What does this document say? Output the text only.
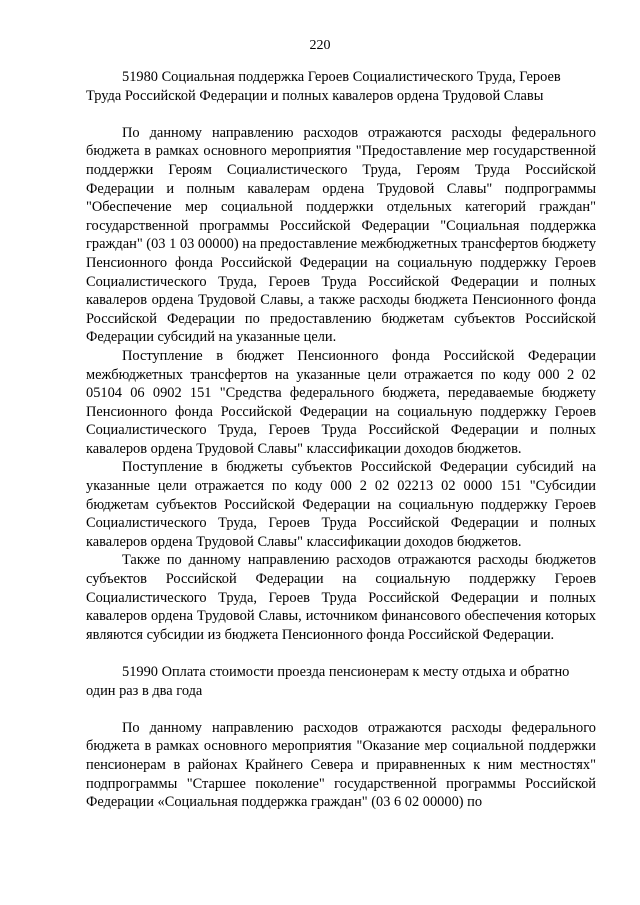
220

51980 Социальная поддержка Героев Социалистического Труда, Героев Труда Российской Федерации и полных кавалеров ордена Трудовой Славы

По данному направлению расходов отражаются расходы федерального бюджета в рамках основного мероприятия "Предоставление мер государственной поддержки Героям Социалистического Труда, Героям Труда Российской Федерации и полным кавалерам ордена Трудовой Славы" подпрограммы "Обеспечение мер социальной поддержки отдельных категорий граждан" государственной программы Российской Федерации "Социальная поддержка граждан" (03 1 03 00000) на предоставление межбюджетных трансфертов бюджету Пенсионного фонда Российской Федерации на социальную поддержку Героев Социалистического Труда, Героев Труда Российской Федерации и полных кавалеров ордена Трудовой Славы, а также расходы бюджета Пенсионного фонда Российской Федерации по предоставлению бюджетам субъектов Российской Федерации субсидий на указанные цели.

Поступление в бюджет Пенсионного фонда Российской Федерации межбюджетных трансфертов на указанные цели отражается по коду 000 2 02 05104 06 0902 151 "Средства федерального бюджета, передаваемые бюджету Пенсионного фонда Российской Федерации на социальную поддержку Героев Социалистического Труда, Героев Труда Российской Федерации и полных кавалеров ордена Трудовой Славы" классификации доходов бюджетов.

Поступление в бюджеты субъектов Российской Федерации субсидий на указанные цели отражается по коду 000 2 02 02213 02 0000 151 "Субсидии бюджетам субъектов Российской Федерации на социальную поддержку Героев Социалистического Труда, Героев Труда Российской Федерации и полных кавалеров ордена Трудовой Славы" классификации доходов бюджетов.

Также по данному направлению расходов отражаются расходы бюджетов субъектов Российской Федерации на социальную поддержку Героев Социалистического Труда, Героев Труда Российской Федерации и полных кавалеров ордена Трудовой Славы, источником финансового обеспечения которых являются субсидии из бюджета Пенсионного фонда Российской Федерации.

51990 Оплата стоимости проезда пенсионерам к месту отдыха и обратно один раз в два года

По данному направлению расходов отражаются расходы федерального бюджета в рамках основного мероприятия "Оказание мер социальной поддержки пенсионерам в районах Крайнего Севера и приравненных к ним местностях" подпрограммы "Старшее поколение" государственной программы Российской Федерации «Социальная поддержка граждан" (03 6 02 00000) по
